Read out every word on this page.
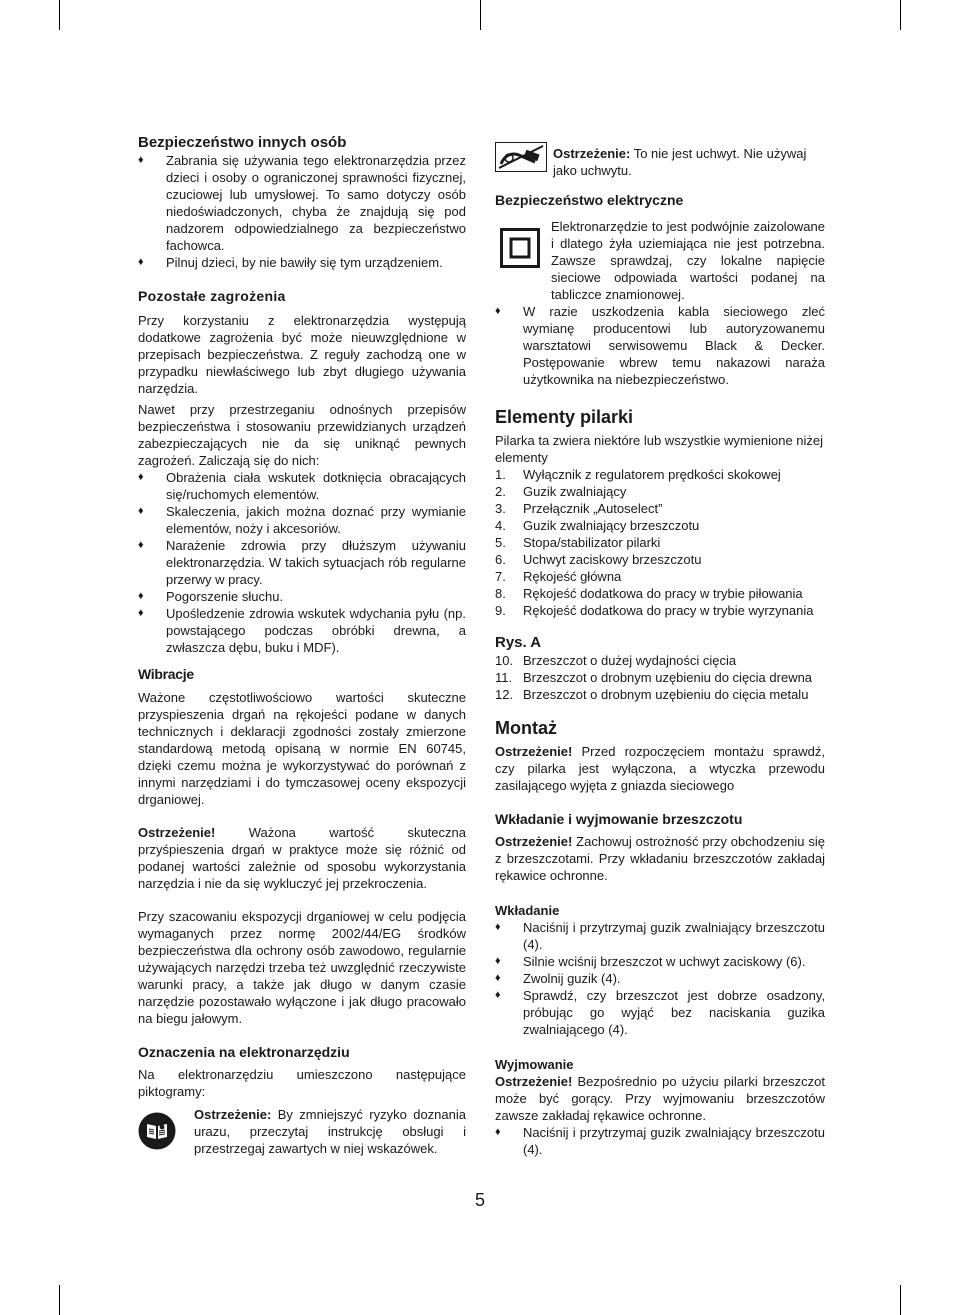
Bezpieczeństwo innych osób
♦ Zabrania się używania tego elektronarzędzia przez dzieci i osoby o ograniczonej sprawności fizycznej, czuciowej lub umysłowej. To samo dotyczy osób niedoświadczonych, chyba że znajdują się pod nadzorem odpowiedzialnego za bezpieczeństwo fachowca.
♦ Pilnuj dzieci, by nie bawiły się tym urządzeniem.
Pozostałe zagrożenia

Przy korzystaniu z elektronarzędzia występują dodatkowe zagrożenia być może nieuwzględnione w przepisach bezpieczeństwa. Z reguły zachodzą one w przypadku niewłaściwego lub zbyt długiego używania narzędzia.

Nawet przy przestrzeganiu odnośnych przepisów bezpieczeństwa i stosowaniu przewidzianych urządzeń zabezpieczających nie da się uniknąć pewnych zagrożeń. Zaliczają się do nich:

♦ Obrażenia ciała wskutek dotknięcia obracających się/ruchomych elementów.
♦ Skaleczenia, jakich można doznać przy wymianie elementów, noży i akcesoriów.
♦ Narażenie zdrowia przy dłuższym używaniu elektronarzędzia. W takich sytuacjach rób regularne przerwy w pracy.
♦ Pogorszenie słuchu.
♦ Upośledzenie zdrowia wskutek wdychania pyłu (np. powstającego podczas obróbki drewna, a zwłaszcza dębu, buku i MDF).
Wibracje

Ważone częstotliwościowo wartości skuteczne przyspieszenia drgań na rękojeści podane w danych technicznych i deklaracji zgodności zostały zmierzone standardową metodą opisaną w normie EN 60745, dzięki czemu można je wykorzystywać do porównań z innymi narzędziami i do tymczasowej oceny ekspozycji drganiowej.

Ostrzeżenie! Ważona wartość skuteczna przyśpieszenia drgań w praktyce może się różnić od podanej wartości zależnie od sposobu wykorzystania narzędzia i nie da się wykluczyć jej przekroczenia.

Przy szacowaniu ekspozycji drganiowej w celu podjęcia wymaganych przez normę 2002/44/EG środków bezpieczeństwa dla ochrony osób zawodowo, regularnie używających narzędzi trzeba też uwzględnić rzeczywiste warunki pracy, a także jak długo w danym czasie narzędzie pozostawało wyłączone i jak długo pracowało na biegu jałowym.

Oznaczenia na elektronarzędziu

Na elektronarzędziu umieszczono następujące piktogramy:

Ostrzeżenie: By zmniejszyć ryzyko doznania urazu, przeczytaj instrukcję obsługi i przestrzegaj zawartych w niej wskazówek.

Ostrzeżenie: To nie jest uchwyt. Nie używaj jako uchwytu.

Bezpieczeństwo elektryczne

Elektronarzędzie to jest podwójnie zaizolowane i dlatego żyła uziemiająca nie jest potrzebna. Zawsze sprawdzaj, czy lokalne napięcie sieciowe odpowiada wartości podanej na tabliczce znamionowej.

♦ W razie uszkodzenia kabla sieciowego zleć wymianę producentowi lub autoryzowanemu warsztatowi serwisowemu Black & Decker. Postępowanie wbrew temu nakazowi naraża użytkownika na niebezpieczeństwo.
Elementy pilarki

Pilarka ta zwiera niektóre lub wszystkie wymienione niżej elementy

1. Wyłącznik z regulatorem prędkości skokowej
2. Guzik zwalniający
3. Przełącznik „Autoselect”
4. Guzik zwalniający brzeszczotu
5. Stopa/stabilizator pilarki
6. Uchwyt zaciskowy brzeszczotu
7. Rękojeść główna
8. Rękojeść dodatkowa do pracy w trybie piłowania
9. Rękojeść dodatkowa do pracy w trybie wyrzynania
Rys. A
10. Brzeszczot o dużej wydajności cięcia
11. Brzeszczot o drobnym uzębieniu do cięcia drewna
12. Brzeszczot o drobnym uzębieniu do cięcia metalu
Montaż

Ostrzeżenie! Przed rozpoczęciem montażu sprawdź, czy pilarka jest wyłączona, a wtyczka przewodu zasilającego wyjęta z gniazda sieciowego

Wkładanie i wyjmowanie brzeszczotu

Ostrzeżenie! Zachowuj ostrożność przy obchodzeniu się z brzeszczotami. Przy wkładaniu brzeszczotów zakładaj rękawice ochronne.

Wkładanie
♦ Naciśnij i przytrzymaj guzik zwalniający brzeszczotu (4).
♦ Silnie wciśnij brzeszczot w uchwyt zaciskowy (6).
♦ Zwolnij guzik (4).
♦ Sprawdź, czy brzeszczot jest dobrze osadzony, próbując go wyjąć bez naciskania guzika zwalniającego (4).
Wyjmowanie

Ostrzeżenie! Bezpośrednio po użyciu pilarki brzeszczot może być gorący. Przy wyjmowaniu brzeszczotów zawsze zakładaj rękawice ochronne.

♦ Naciśnij i przytrzymaj guzik zwalniający brzeszczotu (4).
5
